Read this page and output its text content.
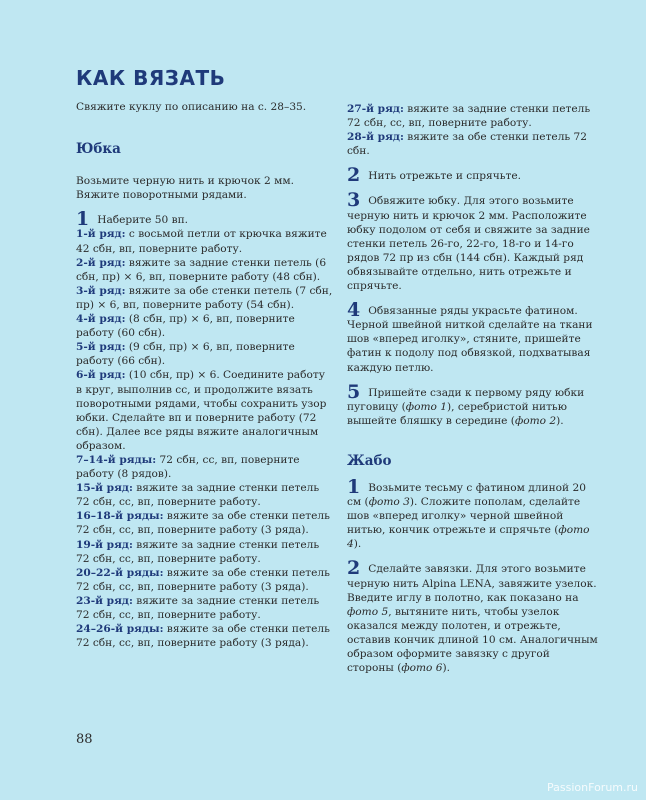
КАК ВЯЗАТЬ

Свяжите куклу по описанию на с. 28–35.

Юбка

Возьмите черную нить и крючок 2 мм. Вяжите поворотными рядами.

1 Наберите 50 вп.

1-й ряд: с восьмой петли от крючка вяжите 42 сбн, вп, поверните работу.

2-й ряд: вяжите за задние стенки петель (6 сбн, пр) × 6, вп, поверните работу (48 сбн).

3-й ряд: вяжите за обе стенки петель (7 сбн, пр) × 6, вп, поверните работу (54 сбн).

4-й ряд: (8 сбн, пр) × 6, вп, поверните работу (60 сбн).

5-й ряд: (9 сбн, пр) × 6, вп, поверните работу (66 сбн).

6-й ряд: (10 сбн, пр) × 6. Соедините работу в круг, выполнив сс, и продолжите вязать поворотными рядами, чтобы сохранить узор юбки. Сделайте вп и поверните работу (72 сбн). Далее все ряды вяжите аналогичным образом.

7–14-й ряды: 72 сбн, сс, вп, поверните работу (8 рядов).

15-й ряд: вяжите за задние стенки петель 72 сбн, сс, вп, поверните работу.

16–18-й ряды: вяжите за обе стенки петель 72 сбн, сс, вп, поверните работу (3 ряда).

19-й ряд: вяжите за задние стенки петель 72 сбн, сс, вп, поверните работу.

20–22-й ряды: вяжите за обе стенки петель 72 сбн, сс, вп, поверните работу (3 ряда).

23-й ряд: вяжите за задние стенки петель 72 сбн, сс, вп, поверните работу.

24–26-й ряды: вяжите за обе стенки петель 72 сбн, сс, вп, поверните работу (3 ряда).

27-й ряд: вяжите за задние стенки петель 72 сбн, сс, вп, поверните работу.

28-й ряд: вяжите за обе стенки петель 72 сбн.

2 Нить отрежьте и спрячьте.

3 Обвяжите юбку. Для этого возьмите черную нить и крючок 2 мм. Расположите юбку подолом от себя и свяжите за задние стенки петель 26-го, 22-го, 18-го и 14-го рядов 72 пр из сбн (144 сбн). Каждый ряд обвязывайте отдельно, нить отрежьте и спрячьте.

4 Обвязанные ряды украсьте фатином. Черной швейной ниткой сделайте на ткани шов «вперед иголку», стяните, пришейте фатин к подолу под обвязкой, подхватывая каждую петлю.

5 Пришейте сзади к первому ряду юбки пуговицу (фото 1), серебристой нитью вышейте бляшку в середине (фото 2).

Жабо

1 Возьмите тесьму с фатином длиной 20 см (фото 3). Сложите пополам, сделайте шов «вперед иголку» черной швейной нитью, кончик отрежьте и спрячьте (фото 4).

2 Сделайте завязки. Для этого возьмите черную нить Alpina LENA, завяжите узелок. Введите иглу в полотно, как показано на фото 5, вытяните нить, чтобы узелок оказался между полотен, и отрежьте, оставив кончик длиной 10 см. Аналогичным образом оформите завязку с другой стороны (фото 6).

88
PassionForum.ru
